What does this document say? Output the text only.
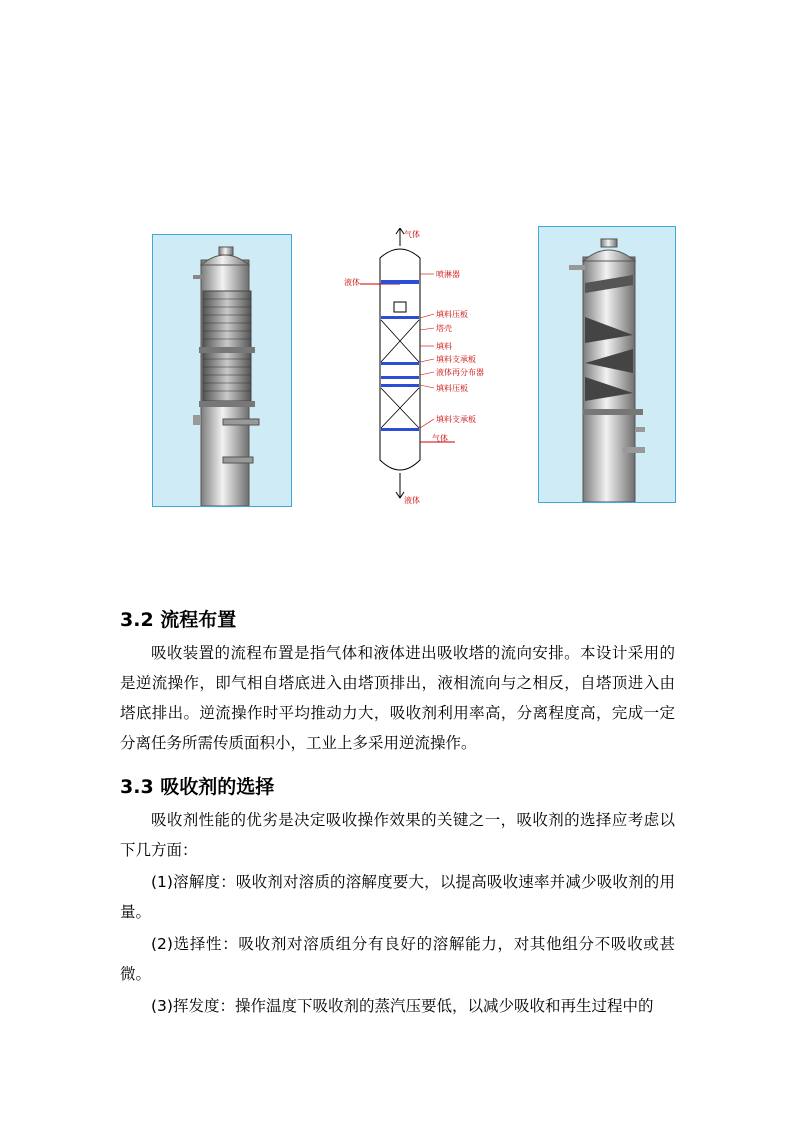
气体
液体
喷淋器
填料压板
塔壳
填料
填料支承板
液体再分布器
填料压板
填料支承板
气体
液体
3.2 流程布置

吸收装置的流程布置是指气体和液体进出吸收塔的流向安排。本设计采用的是逆流操作，即气相自塔底进入由塔顶排出，液相流向与之相反，自塔顶进入由塔底排出。逆流操作时平均推动力大，吸收剂利用率高，分离程度高，完成一定分离任务所需传质面积小，工业上多采用逆流操作。

3.3 吸收剂的选择

吸收剂性能的优劣是决定吸收操作效果的关键之一，吸收剂的选择应考虑以下几方面：

(1)溶解度：吸收剂对溶质的溶解度要大，以提高吸收速率并减少吸收剂的用量。

(2)选择性：吸收剂对溶质组分有良好的溶解能力，对其他组分不吸收或甚微。

(3)挥发度：操作温度下吸收剂的蒸汽压要低，以减少吸收和再生过程中的
